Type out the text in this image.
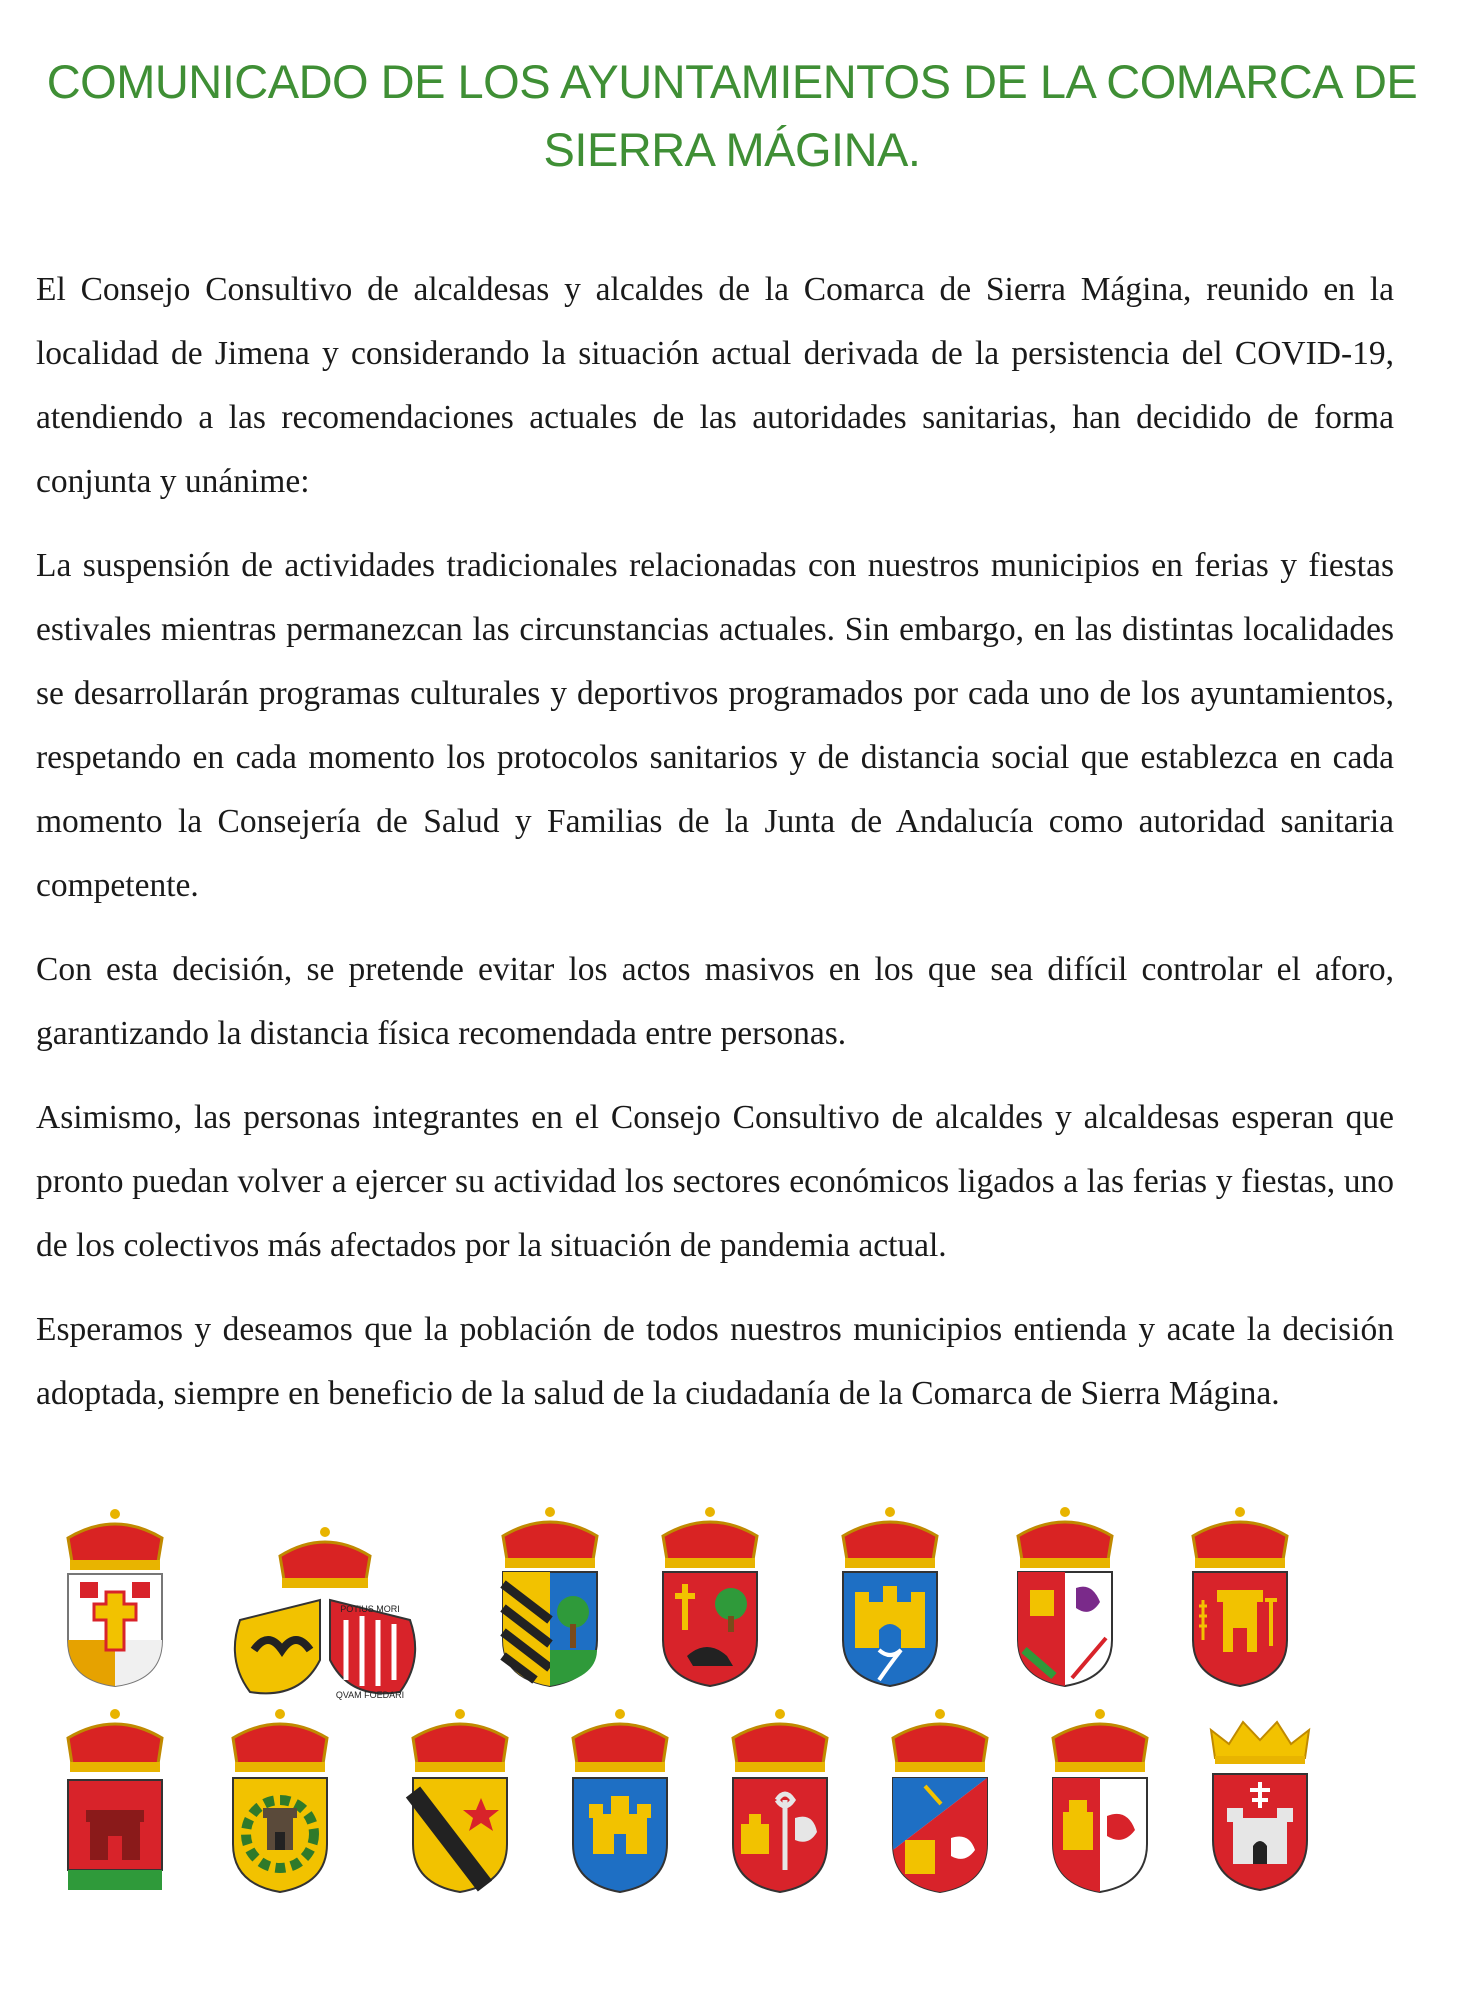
COMUNICADO DE LOS AYUNTAMIENTOS DE LA COMARCA DE SIERRA MÁGINA.

El Consejo Consultivo de alcaldesas y alcaldes de la Comarca de Sierra Mágina, reunido en la localidad de Jimena y considerando la situación actual derivada de la persistencia del COVID-19, atendiendo a las recomendaciones actuales de las autoridades sanitarias, han decidido de forma conjunta y unánime:

La suspensión de actividades tradicionales relacionadas con nuestros municipios en ferias y fiestas estivales mientras permanezcan las circunstancias actuales. Sin embargo, en las distintas localidades se desarrollarán programas culturales y deportivos programados por cada uno de los ayuntamientos, respetando en cada momento los protocolos sanitarios y de distancia social que establezca en cada momento la Consejería de Salud y Familias de la Junta de Andalucía como autoridad sanitaria competente.

Con esta decisión, se pretende evitar los actos masivos en los que sea difícil controlar el aforo, garantizando la distancia física recomendada entre personas.

Asimismo, las personas integrantes en el Consejo Consultivo de alcaldes y alcaldesas esperan que pronto puedan volver a ejercer su actividad los sectores económicos ligados a las ferias y fiestas, uno de los colectivos más afectados por la situación de pandemia actual.

Esperamos y deseamos que la población de todos nuestros municipios entienda y acate la decisión adoptada, siempre en beneficio de la salud de la ciudadanía de la Comarca de Sierra Mágina.

POTIUS MORI
QVAM FOEDARI
